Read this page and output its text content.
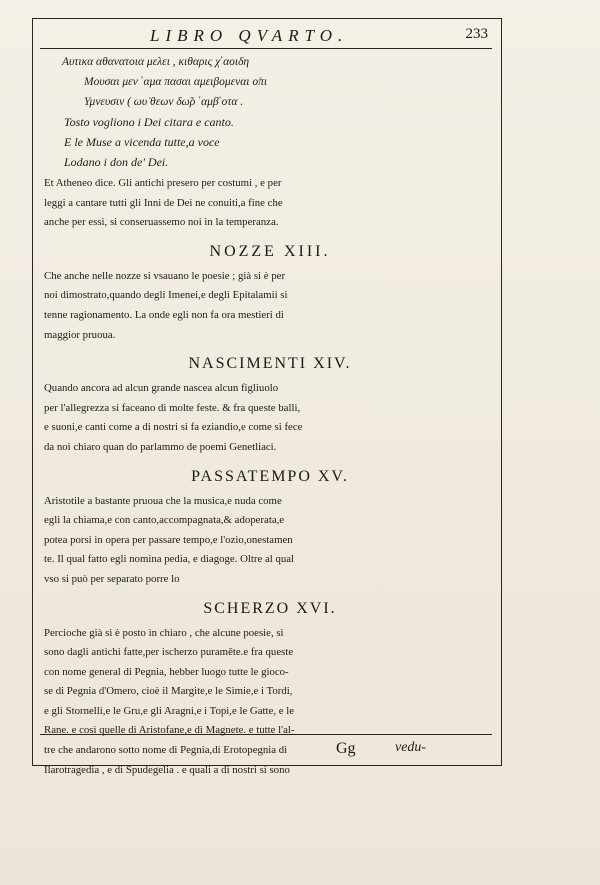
LIBRO QVARTO.	233
Αυτικα αθανατοια μελει , κιθαρις χ̓ αοιδη
Μουσαι μεν ̓ αμα πασαι αμειβομεναι ο̇πι
Υμνευσιν ( ωυ̇ θεων δω̃ρ ̓ αμβ̓ οτα .
Tosto vogliono i Dei citara e canto.
E le Muse a vicenda tutte,a voce
Lodano i don de' Dei.
Et Atheneo dice. Gli antichi presero per costumi , e per
leggi a cantare tutti gli Inni de Dei ne conuiti,a fine che
anche per essi, si conseruassemo noi in la temperanza.
NOZZE XIII.
Che anche nelle nozze si vsauano le poesie ; già si è per
noi dimostrato,quando degli Imenei,e degli Epitalamii si
tenne ragionamento. La onde egli non fa ora mestieri di
maggior pruoua.
NASCIMENTI XIV.
Quando ancora ad alcun grande nascea alcun figliuolo
per l'allegrezza si faceano di molte feste. & fra queste balli,
e suoni,e canti come a di nostri si fa eziandio,e come si fece
da noi chiaro quan do parlammo de poemi Genetliaci.
PASSATEMPO XV.
Aristotile a bastante pruoua che la musica,e nuda come
egli la chiama,e con canto,accompagnata,& adoperata,e
potea porsi in opera per passare tempo,e l'ozio,onestamen
te. Il qual fatto egli nomina pedia, e diagoge. Oltre al qual
vso si può per separato porre lo
SCHERZO XVI.
Percioche già si è posto in chiaro , che alcune poesie, si
sono dagli antichi fatte,per ischerzo puramēte.e fra queste
con nome general di Pegnia, hebber luogo tutte le gioco-
se di Pegnia d'Omero, cioè il Margite,e le Simie,e i Tordi,
e gli Stornelli,e le Gru,e gli Aragni,e i Topi,e le Gatte, e le
Rane. e così quelle di Aristofane,e di Magnete. e tutte l'al-
tre che andarono sotto nome di Pegnia,di Erotopegnia di
Ilarotragedia , e di Spudegelia . e quali a di nostri si sono
Gg	vedu-
